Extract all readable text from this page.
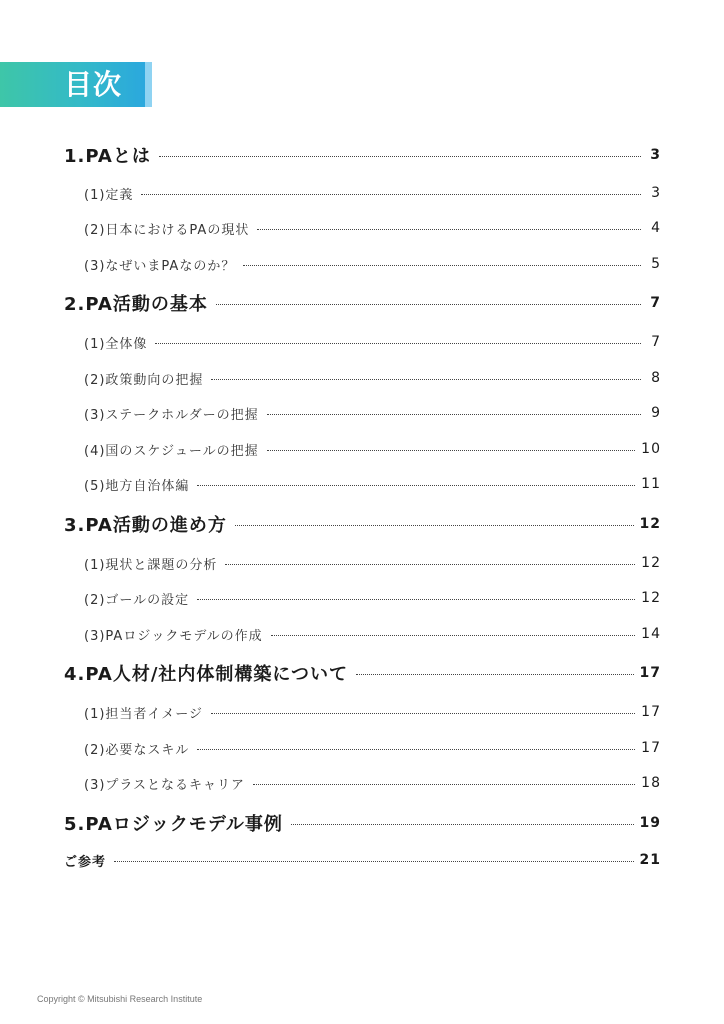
目次
1.PAとは	3
(1)定義	3
(2)日本におけるPAの現状	4
(3)なぜいまPAなのか？	5
2.PA活動の基本	7
(1)全体像	7
(2)政策動向の把握	8
(3)ステークホルダーの把握	9
(4)国のスケジュールの把握	10
(5)地方自治体編	11
3.PA活動の進め方	12
(1)現状と課題の分析	12
(2)ゴールの設定	12
(3)PAロジックモデルの作成	14
4.PA人材/社内体制構築について	17
(1)担当者イメージ	17
(2)必要なスキル	17
(3)プラスとなるキャリア	18
5.PAロジックモデル事例	19
ご参考	21
Copyright © Mitsubishi Research Institute
